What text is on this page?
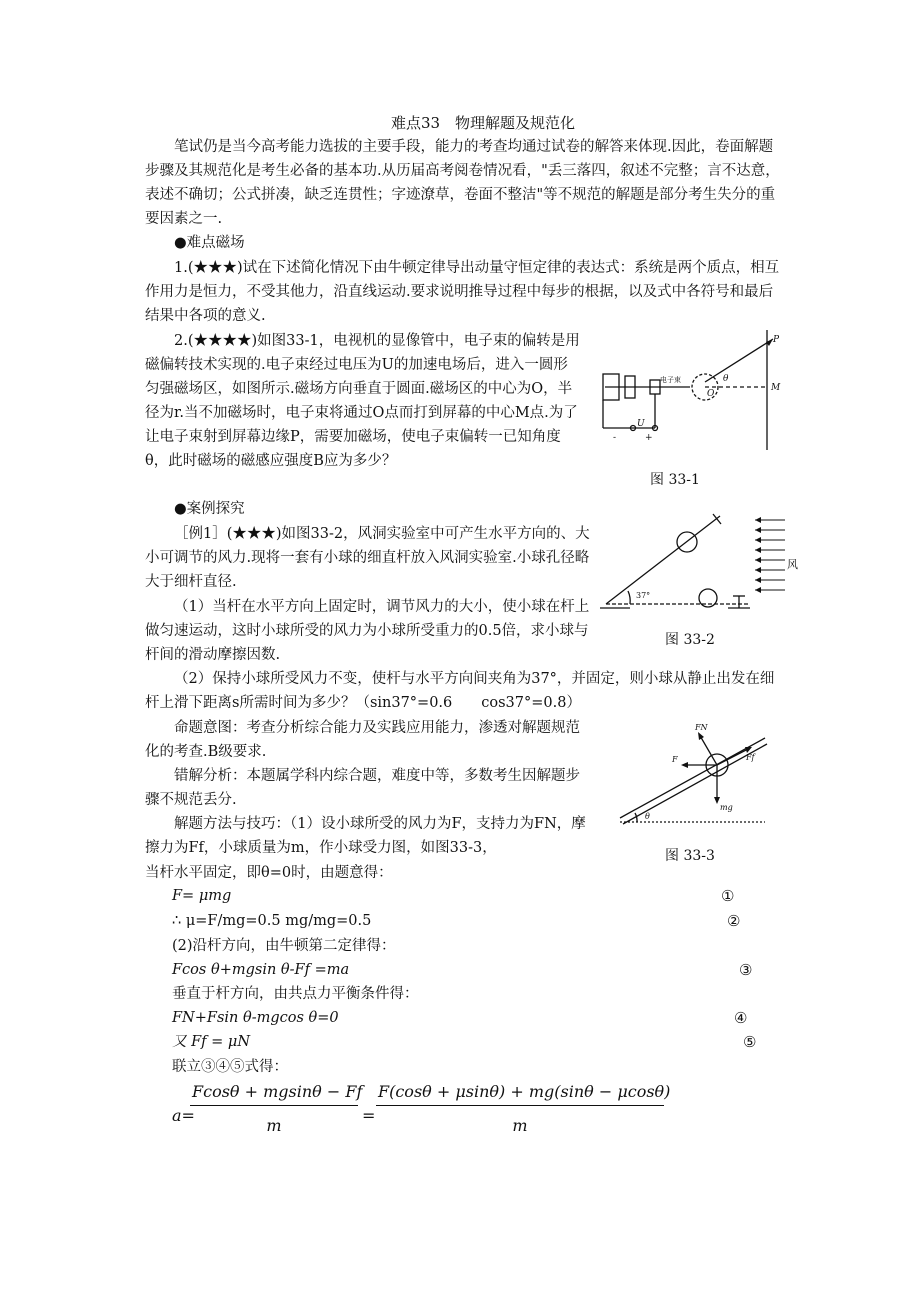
难点33　物理解题及规范化

笔试仍是当今高考能力选拔的主要手段，能力的考查均通过试卷的解答来体现.因此，卷面解题步骤及其规范化是考生必备的基本功.从历届高考阅卷情况看，"丢三落四，叙述不完整；言不达意，表述不确切；公式拼凑，缺乏连贯性；字迹潦草，卷面不整洁"等不规范的解题是部分考生失分的重要因素之一.

●难点磁场

1.(★★★)试在下述简化情况下由牛顿定律导出动量守恒定律的表达式：系统是两个质点，相互作用力是恒力，不受其他力，沿直线运动.要求说明推导过程中每步的根据，以及式中各符号和最后结果中各项的意义.

2.(★★★★)如图33-1，电视机的显像管中，电子束的偏转是用磁偏转技术实现的.电子束经过电压为U的加速电场后，进入一圆形匀强磁场区，如图所示.磁场方向垂直于圆面.磁场区的中心为O，半径为r.当不加磁场时，电子束将通过O点而打到屏幕的中心M点.为了让电子束射到屏幕边缘P，需要加磁场，使电子束偏转一已知角度θ，此时磁场的磁感应强度B应为多少？

●案例探究

［例1］(★★★)如图33-2，风洞实验室中可产生水平方向的、大小可调节的风力.现将一套有小球的细直杆放入风洞实验室.小球孔径略大于细杆直径.

（1）当杆在水平方向上固定时，调节风力的大小，使小球在杆上做匀速运动，这时小球所受的风力为小球所受重力的0.5倍，求小球与杆间的滑动摩擦因数.

（2）保持小球所受风力不变，使杆与水平方向间夹角为37°，并固定，则小球从静止出发在细杆上滑下距离s所需时间为多少？（sin37°=0.6　　cos37°=0.8）

命题意图：考查分析综合能力及实践应用能力，渗透对解题规范化的考查.B级要求.

错解分析：本题属学科内综合题，难度中等，多数考生因解题步骤不规范丢分.

解题方法与技巧：（1）设小球所受的风力为F，支持力为FN，摩擦力为Ff，小球质量为m，作小球受力图，如图33-3，

当杆水平固定，即θ=0时，由题意得：

F= μmg	①
∴ μ=F/mg=0.5 mg/mg=0.5	②
(2)沿杆方向，由牛顿第二定律得：
Fcos θ+mgsin θ-Ff =ma	③
垂直于杆方向，由共点力平衡条件得：
FN+Fsin θ-mgcos θ=0	④
又 Ff = μN	⑤
联立③④⑤式得：
a=
$\frac{Fcos\theta + mgsin\theta - Ff}{m} = \frac{F(\cos\theta + \mu\sin\theta) + mg(\sin\theta - \mu\cos\theta)}{m}$
电子束
P
M
O
θ
U
-	+
图 33-1
风
37°
图 33-2
F
FN
Ff
mg
θ
图 33-3
